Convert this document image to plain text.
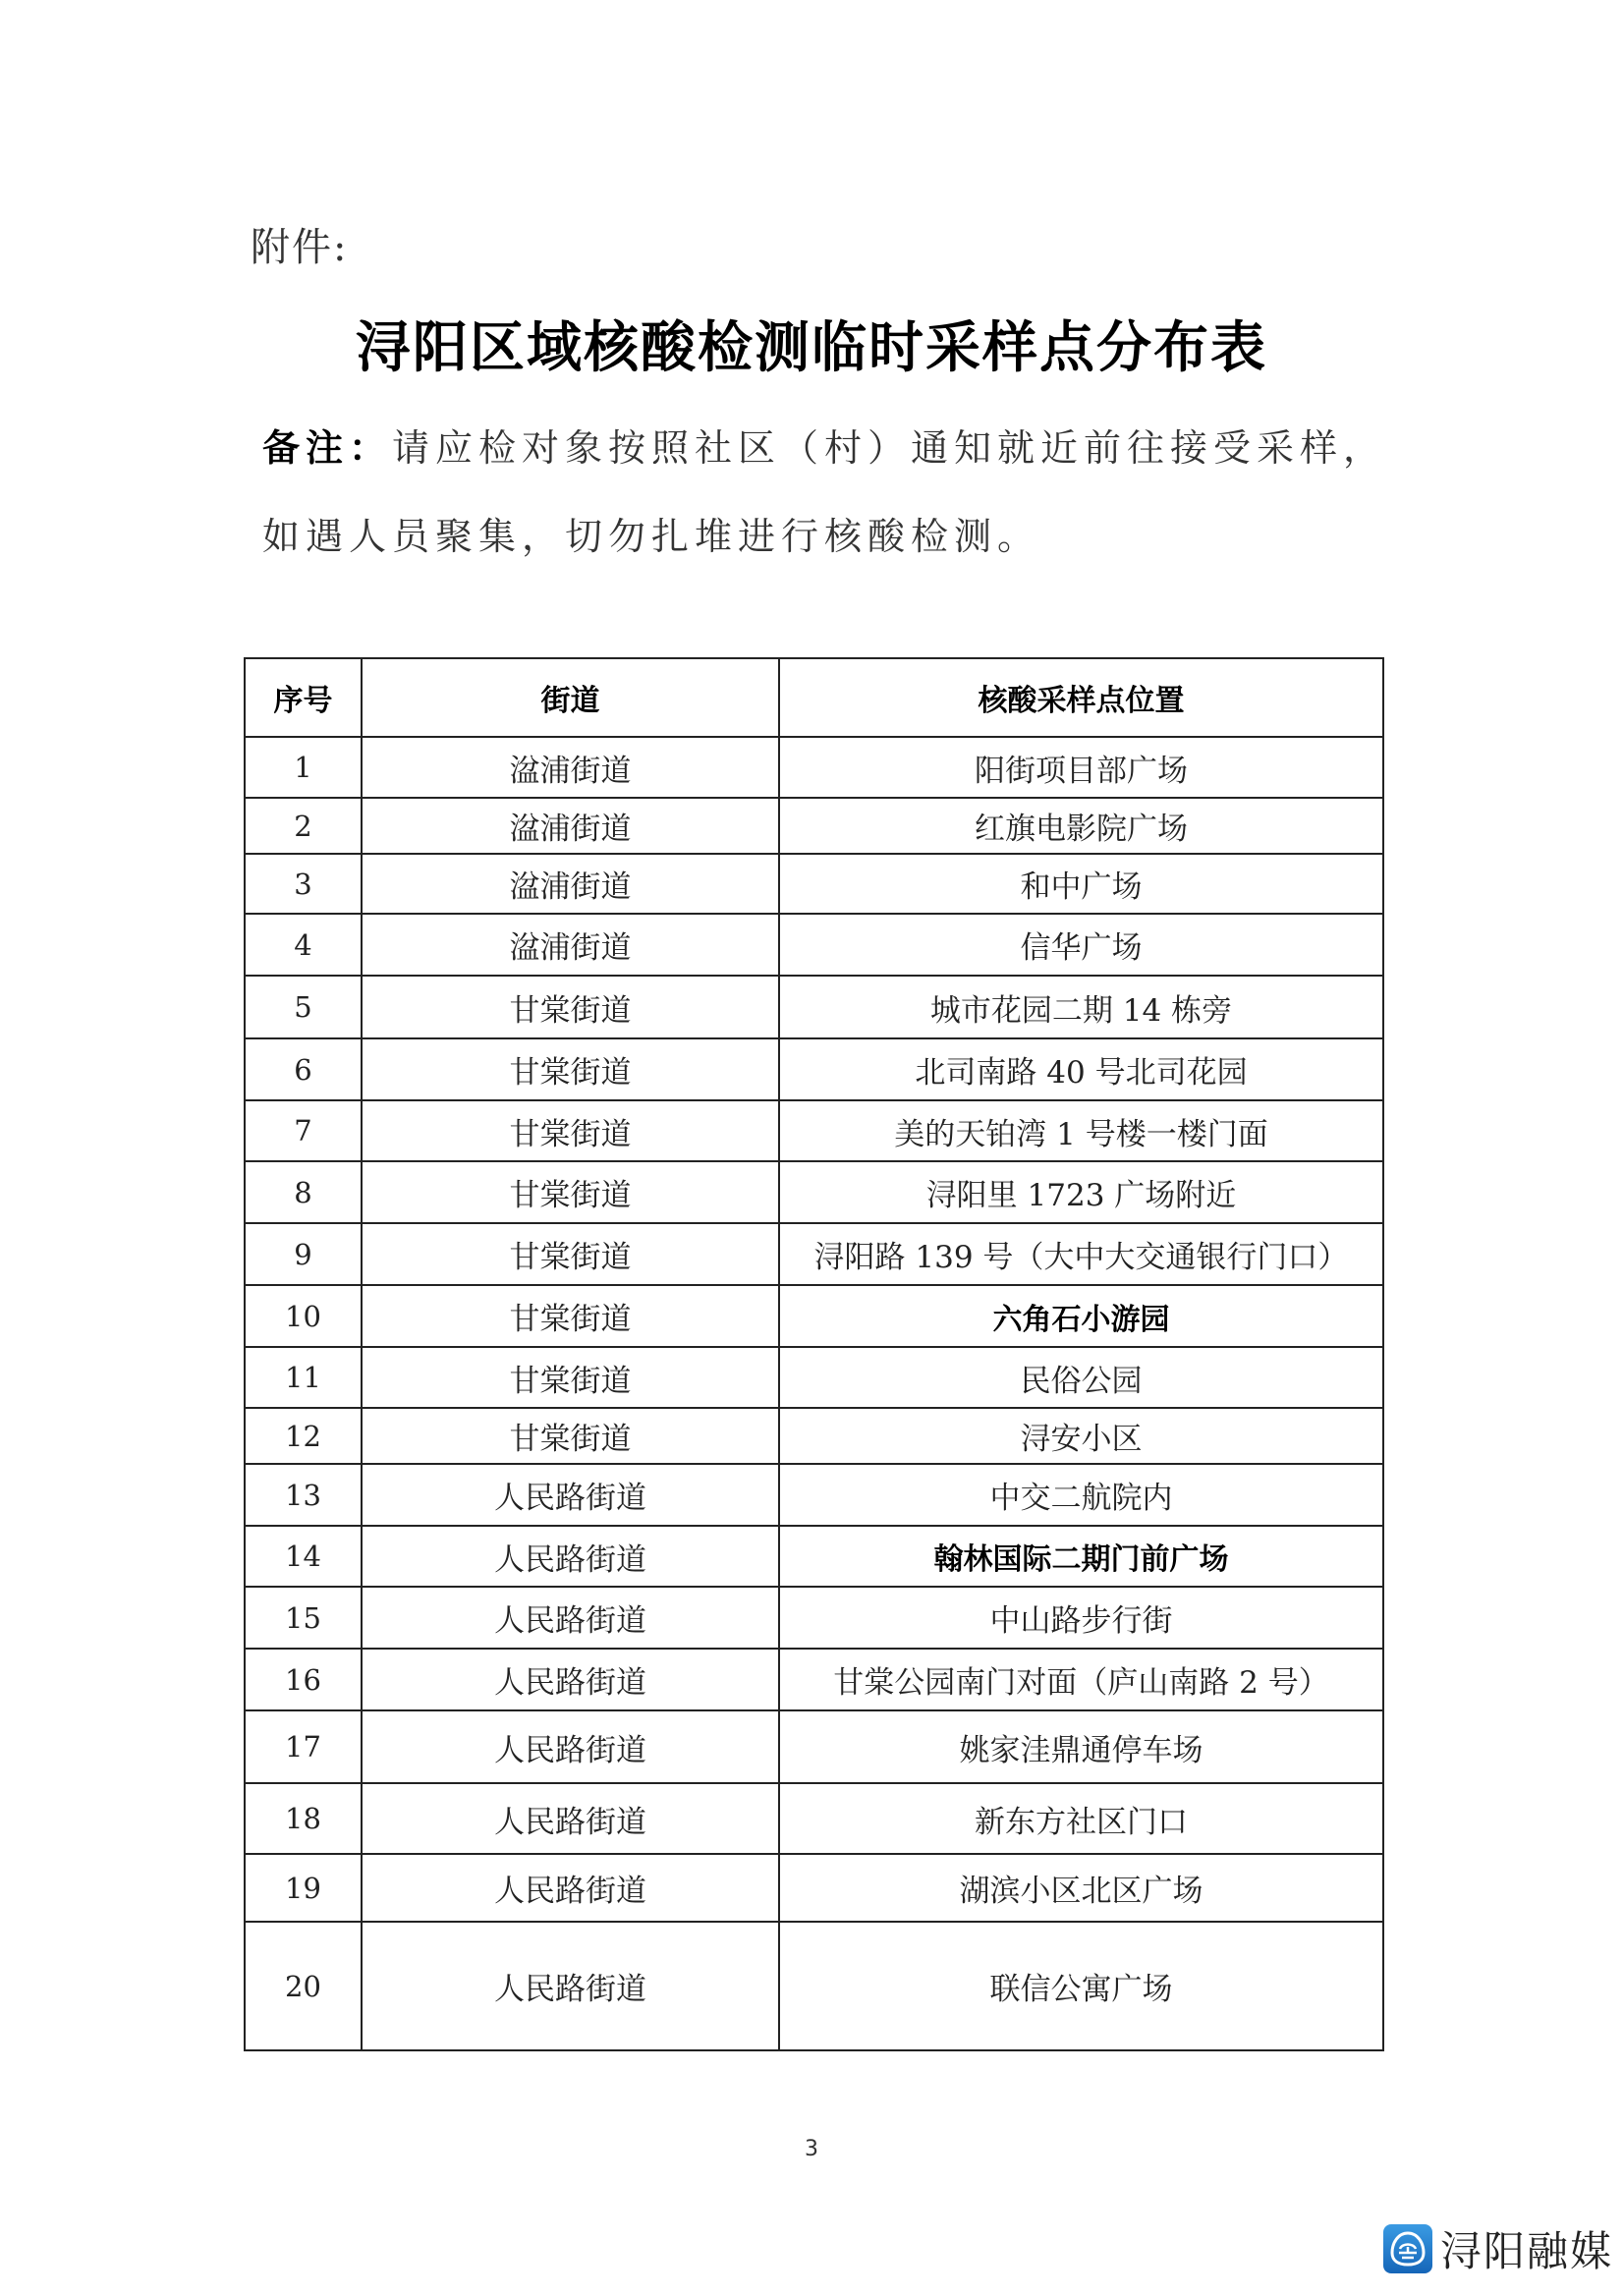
附件:
浔阳区域核酸检测临时采样点分布表
备注：请应检对象按照社区（村）通知就近前往接受采样，
如遇人员聚集，切勿扎堆进行核酸检测。
序号	街道	核酸采样点位置
1	湓浦街道	阳街项目部广场
2	湓浦街道	红旗电影院广场
3	湓浦街道	和中广场
4	湓浦街道	信华广场
5	甘棠街道	城市花园二期 14 栋旁
6	甘棠街道	北司南路 40 号北司花园
7	甘棠街道	美的天铂湾 1 号楼一楼门面
8	甘棠街道	浔阳里 1723 广场附近
9	甘棠街道	浔阳路 139 号（大中大交通银行门口）
10	甘棠街道	六角石小游园
11	甘棠街道	民俗公园
12	甘棠街道	浔安小区
13	人民路街道	中交二航院内
14	人民路街道	翰林国际二期门前广场
15	人民路街道	中山路步行街
16	人民路街道	甘棠公园南门对面（庐山南路 2 号）
17	人民路街道	姚家洼鼎通停车场
18	人民路街道	新东方社区门口
19	人民路街道	湖滨小区北区广场
20	人民路街道	联信公寓广场
3
浔阳融媒
